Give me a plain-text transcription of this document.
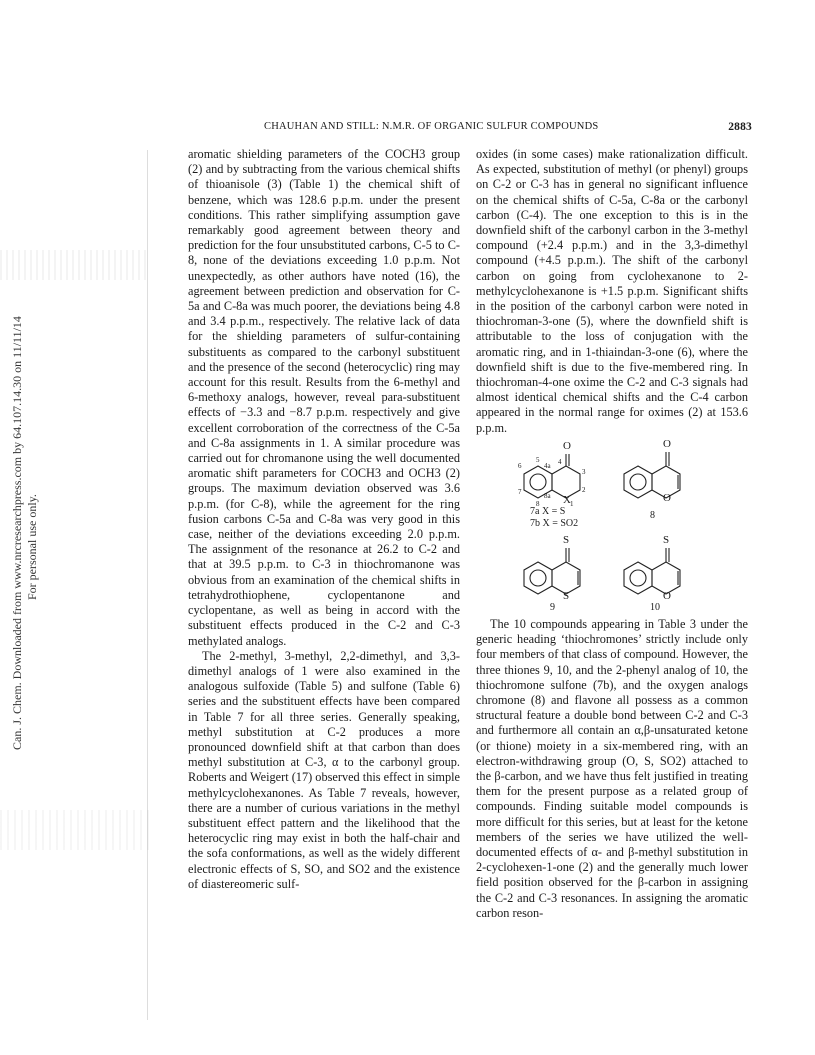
CHAUHAN AND STILL: N.M.R. OF ORGANIC SULFUR COMPOUNDS	2883
Can. J. Chem. Downloaded from www.nrcresearchpress.com by 64.107.14.30 on 11/11/14 For personal use only.

aromatic shielding parameters of the COCH3 group (2) and by subtracting from the various chemical shifts of thioanisole (3) (Table 1) the chemical shift of benzene, which was 128.6 p.p.m. under the present conditions. This rather simplifying assumption gave remarkably good agreement between theory and prediction for the four unsubstituted carbons, C-5 to C-8, none of the deviations exceeding 1.0 p.p.m. Not unexpectedly, as other authors have noted (16), the agreement between prediction and observation for C-5a and C-8a was much poorer, the deviations being 4.8 and 3.4 p.p.m., respectively. The relative lack of data for the shielding parameters of sulfur-containing substituents as compared to the carbonyl substituent and the presence of the second (heterocyclic) ring may account for this result. Results from the 6-methyl and 6-methoxy analogs, however, reveal para-substituent effects of −3.3 and −8.7 p.p.m. respectively and give excellent corroboration of the correctness of the C-5a and C-8a assignments in 1. A similar procedure was carried out for chromanone using the well documented aromatic shift parameters for COCH3 and OCH3 (2) groups. The maximum deviation observed was 3.6 p.p.m. (for C-8), while the agreement for the ring fusion carbons C-5a and C-8a was very good in this case, neither of the deviations exceeding 2.0 p.p.m. The assignment of the resonance at 26.2 to C-2 and that at 39.5 p.p.m. to C-3 in thiochromanone was obvious from an examination of the chemical shifts in tetrahydrothiophene, cyclopentanone and cyclopentane, as well as being in accord with the substituent effects produced in the C-2 and C-3 methylated analogs.

The 2-methyl, 3-methyl, 2,2-dimethyl, and 3,3-dimethyl analogs of 1 were also examined in the analogous sulfoxide (Table 5) and sulfone (Table 6) series and the substituent effects have been compared in Table 7 for all three series. Generally speaking, methyl substitution at C-2 produces a more pronounced downfield shift at that carbon than does methyl substitution at C-3, α to the carbonyl group. Roberts and Weigert (17) observed this effect in simple methylcyclohexanones. As Table 7 reveals, however, there are a number of curious variations in the methyl substituent effect pattern and the likelihood that the heterocyclic ring may exist in both the half-chair and the sofa conformations, as well as the widely different electronic effects of S, SO, and SO2 and the existence of diastereomeric sulf-

oxides (in some cases) make rationalization difficult. As expected, substitution of methyl (or phenyl) groups on C-2 or C-3 has in general no significant influence on the chemical shifts of C-5a, C-8a or the carbonyl carbon (C-4). The one exception to this is in the downfield shift of the carbonyl carbon in the 3-methyl compound (+2.4 p.p.m.) and in the 3,3-dimethyl compound (+4.5 p.p.m.). The shift of the carbonyl carbon on going from cyclohexanone to 2-methylcyclohexanone is +1.5 p.p.m. Significant shifts in the position of the carbonyl carbon were noted in thiochroman-3-one (5), where the downfield shift is attributable to the loss of conjugation with the aromatic ring, and in 1-thiaindan-3-one (6), where the downfield shift is due to the five-membered ring. In thiochroman-4-one oxime the C-2 and C-3 signals had almost identical chemical shifts and the C-4 carbon appeared in the normal range for oximes (2) at 153.6 p.p.m.

O
X
6
7
8
8a
5
4a 4
3
2
1
7a X = S
7b X = SO2
O
O
8
S
S
9
S
O
10

The 10 compounds appearing in Table 3 under the generic heading ‘thiochromones’ strictly include only four members of that class of compound. However, the three thiones 9, 10, and the 2-phenyl analog of 10, the thiochromone sulfone (7b), and the oxygen analogs chromone (8) and flavone all possess as a common structural feature a double bond between C-2 and C-3 and furthermore all contain an α,β-unsaturated ketone (or thione) moiety in a six-membered ring, with an electron-withdrawing group (O, S, SO2) attached to the β-carbon, and we have thus felt justified in treating them for the present purpose as a related group of compounds. Finding suitable model compounds is more difficult for this series, but at least for the ketone members of the series we have utilized the well-documented effects of α- and β-methyl substitution in 2-cyclohexen-1-one (2) and the generally much lower field position observed for the β-carbon in assigning the C-2 and C-3 resonances. In assigning the aromatic carbon reson-
